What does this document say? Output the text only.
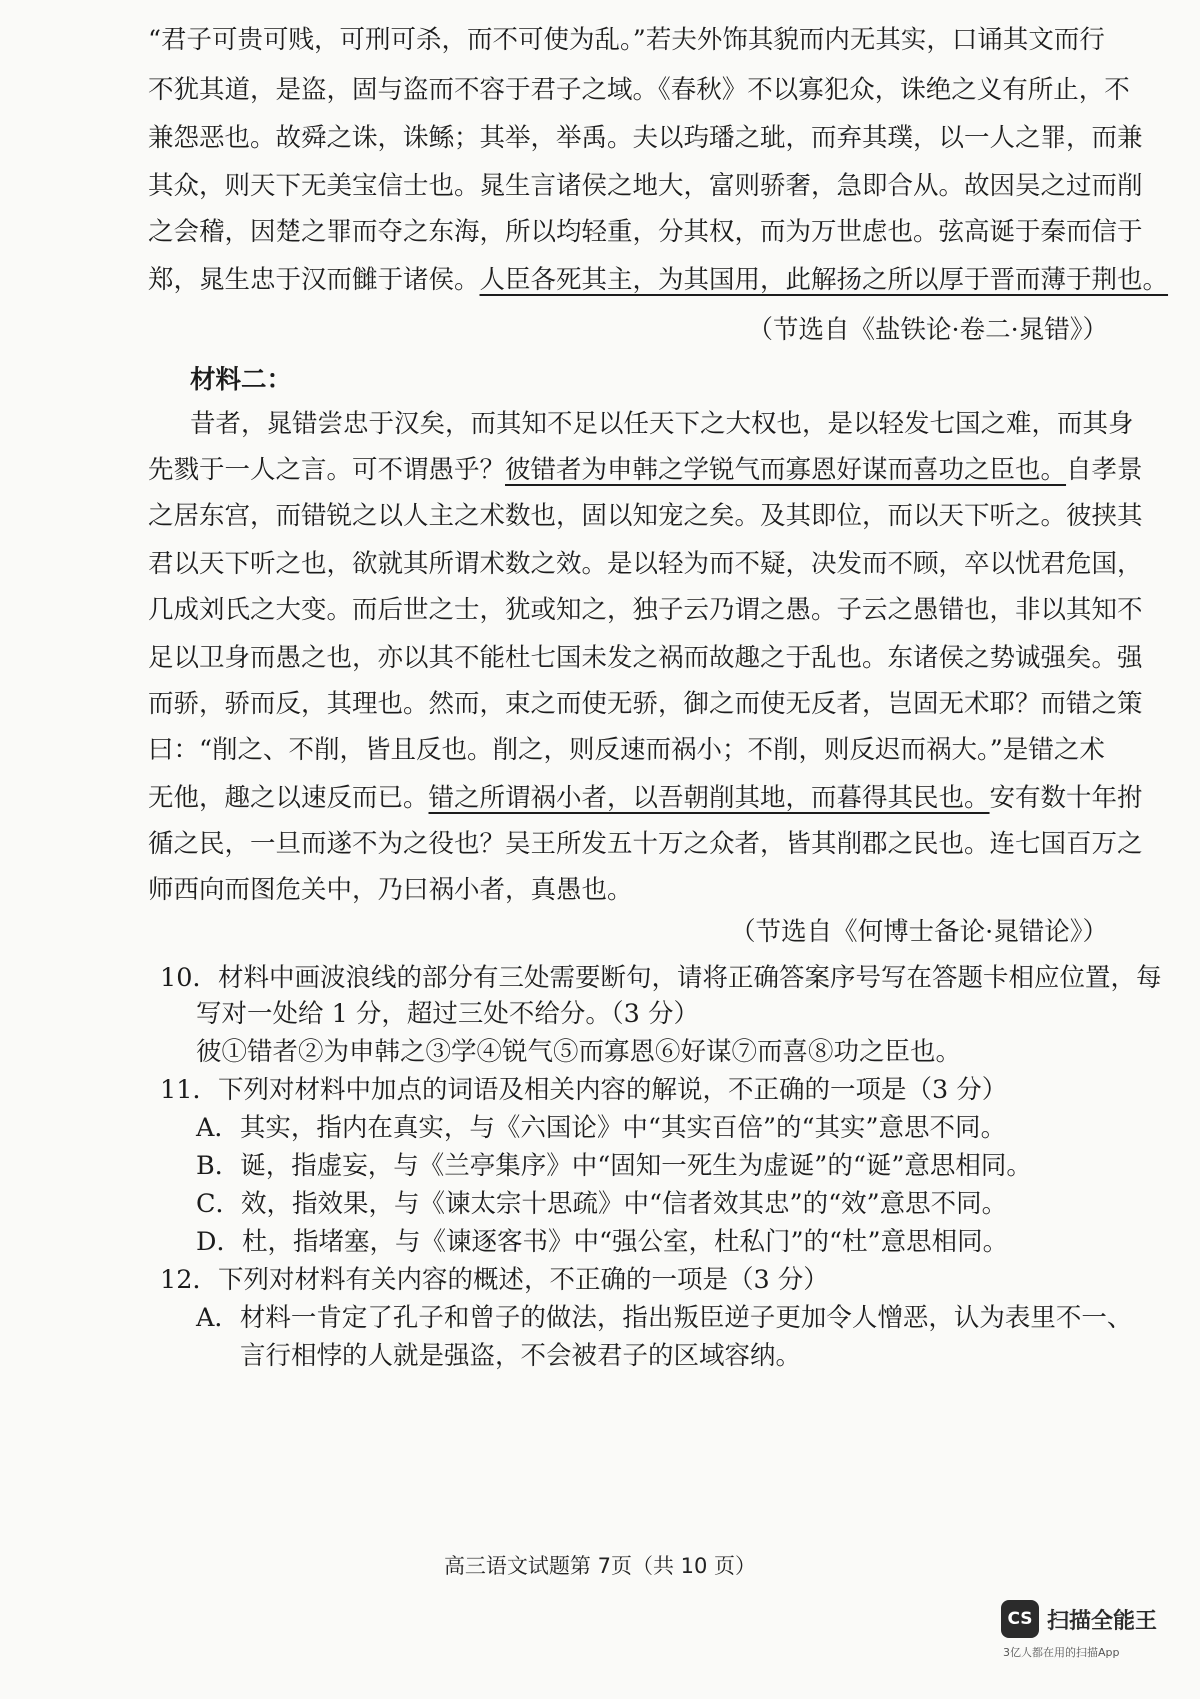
“君子可贵可贱，可刑可杀，而不可使为乱。”若夫外饰其貌而内无其实，口诵其文而行
不犹其道，是盗，固与盗而不容于君子之域。《春秋》不以寡犯众，诛绝之义有所止，不
兼怨恶也。故舜之诛，诛鲧；其举，举禹。夫以玙璠之玼，而弃其璞，以一人之罪，而兼
其众，则天下无美宝信士也。晁生言诸侯之地大，富则骄奢，急即合从。故因吴之过而削
之会稽，因楚之罪而夺之东海，所以均轻重，分其权，而为万世虑也。弦高诞于秦而信于
郑，晁生忠于汉而雠于诸侯。人臣各死其主，为其国用，此解扬之所以厚于晋而薄于荆也。
（节选自《盐铁论·卷二·晁错》）
材料二：
昔者，晁错尝忠于汉矣，而其知不足以任天下之大权也，是以轻发七国之难，而其身
先戮于一人之言。可不谓愚乎？彼错者为申韩之学锐气而寡恩好谋而喜功之臣也。自孝景
之居东宫，而错锐之以人主之术数也，固以知宠之矣。及其即位，而以天下听之。彼挟其
君以天下听之也，欲就其所谓术数之效。是以轻为而不疑，决发而不顾，卒以忧君危国，
几成刘氏之大变。而后世之士，犹或知之，独子云乃谓之愚。子云之愚错也，非以其知不
足以卫身而愚之也，亦以其不能杜七国未发之祸而故趣之于乱也。东诸侯之势诚强矣。强
而骄，骄而反，其理也。然而，束之而使无骄，御之而使无反者，岂固无术耶？而错之策
曰：“削之、不削，皆且反也。削之，则反速而祸小；不削，则反迟而祸大。”是错之术
无他，趣之以速反而已。错之所谓祸小者，以吾朝削其地，而暮得其民也。安有数十年拊
循之民，一旦而遂不为之役也？吴王所发五十万之众者，皆其削郡之民也。连七国百万之
师西向而图危关中，乃曰祸小者，真愚也。
（节选自《何博士备论·晁错论》）
10．材料中画波浪线的部分有三处需要断句，请将正确答案序号写在答题卡相应位置，每
写对一处给 1 分，超过三处不给分。（3 分）
彼①错者②为申韩之③学④锐气⑤而寡恩⑥好谋⑦而喜⑧功之臣也。
11．下列对材料中加点的词语及相关内容的解说，不正确的一项是（3 分）
A．其实，指内在真实，与《六国论》中“其实百倍”的“其实”意思不同。
B．诞，指虚妄，与《兰亭集序》中“固知一死生为虚诞”的“诞”意思相同。
C．效，指效果，与《谏太宗十思疏》中“信者效其忠”的“效”意思不同。
D．杜，指堵塞，与《谏逐客书》中“强公室，杜私门”的“杜”意思相同。
12．下列对材料有关内容的概述，不正确的一项是（3 分）
A．材料一肯定了孔子和曾子的做法，指出叛臣逆子更加令人憎恶，认为表里不一、
言行相悖的人就是强盗，不会被君子的区域容纳。
高三语文试题第 7页（共 10 页）
CS 扫描全能王
3亿人都在用的扫描App
